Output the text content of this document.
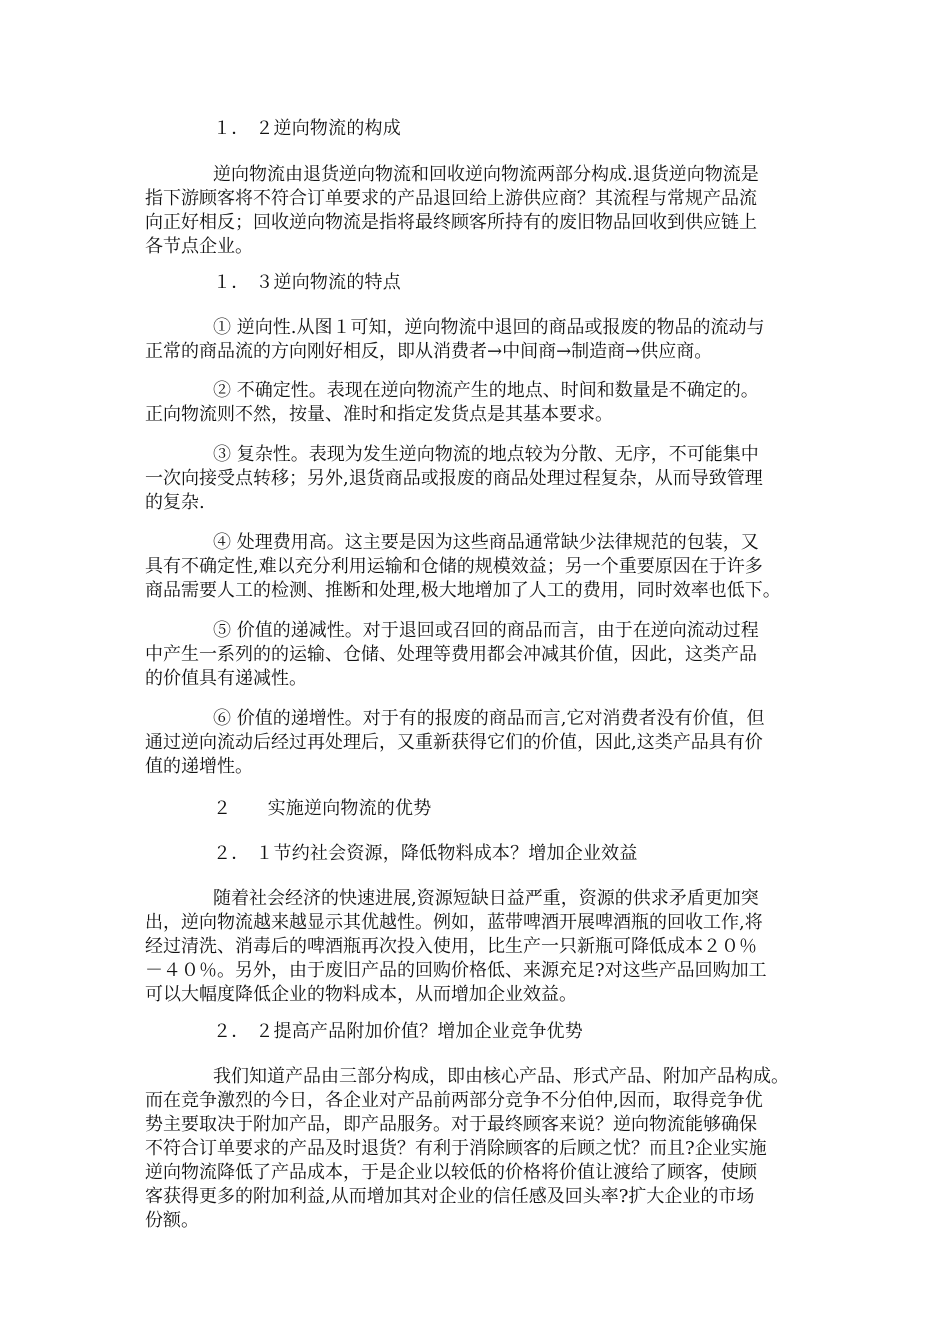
１． ２逆向物流的构成
逆向物流由退货逆向物流和回收逆向物流两部分构成.退货逆向物流是
指下游顾客将不符合订单要求的产品退回给上游供应商？其流程与常规产品流
向正好相反；回收逆向物流是指将最终顾客所持有的废旧物品回收到供应链上
各节点企业。
１． ３逆向物流的特点
① 逆向性.从图１可知，逆向物流中退回的商品或报废的物品的流动与
正常的商品流的方向刚好相反，即从消费者→中间商→制造商→供应商。
② 不确定性。表现在逆向物流产生的地点、时间和数量是不确定的。
正向物流则不然，按量、准时和指定发货点是其基本要求。
③ 复杂性。表现为发生逆向物流的地点较为分散、无序，不可能集中
一次向接受点转移；另外,退货商品或报废的商品处理过程复杂，从而导致管理
的复杂.
④ 处理费用高。这主要是因为这些商品通常缺少法律规范的包装，又
具有不确定性,难以充分利用运输和仓储的规模效益；另一个重要原因在于许多
商品需要人工的检测、推断和处理,极大地增加了人工的费用，同时效率也低下。
⑤ 价值的递减性。对于退回或召回的商品而言，由于在逆向流动过程
中产生一系列的的运输、仓储、处理等费用都会冲减其价值，因此，这类产品
的价值具有递减性。
⑥ 价值的递增性。对于有的报废的商品而言,它对消费者没有价值，但
通过逆向流动后经过再处理后，又重新获得它们的价值，因此,这类产品具有价
值的递增性。
２　　实施逆向物流的优势
２． １节约社会资源，降低物料成本？增加企业效益
随着社会经济的快速进展,资源短缺日益严重，资源的供求矛盾更加突
出，逆向物流越来越显示其优越性。例如，蓝带啤酒开展啤酒瓶的回收工作,将
经过清洗、消毒后的啤酒瓶再次投入使用，比生产一只新瓶可降低成本２０％
－４０％。另外，由于废旧产品的回购价格低、来源充足?对这些产品回购加工
可以大幅度降低企业的物料成本，从而增加企业效益。
２． ２提高产品附加价值？增加企业竞争优势
我们知道产品由三部分构成，即由核心产品、形式产品、附加产品构成。
而在竞争激烈的今日，各企业对产品前两部分竞争不分伯仲,因而，取得竞争优
势主要取决于附加产品，即产品服务。对于最终顾客来说？逆向物流能够确保
不符合订单要求的产品及时退货？有利于消除顾客的后顾之忧？而且?企业实施
逆向物流降低了产品成本，于是企业以较低的价格将价值让渡给了顾客，使顾
客获得更多的附加利益,从而增加其对企业的信任感及回头率?扩大企业的市场
份额。
